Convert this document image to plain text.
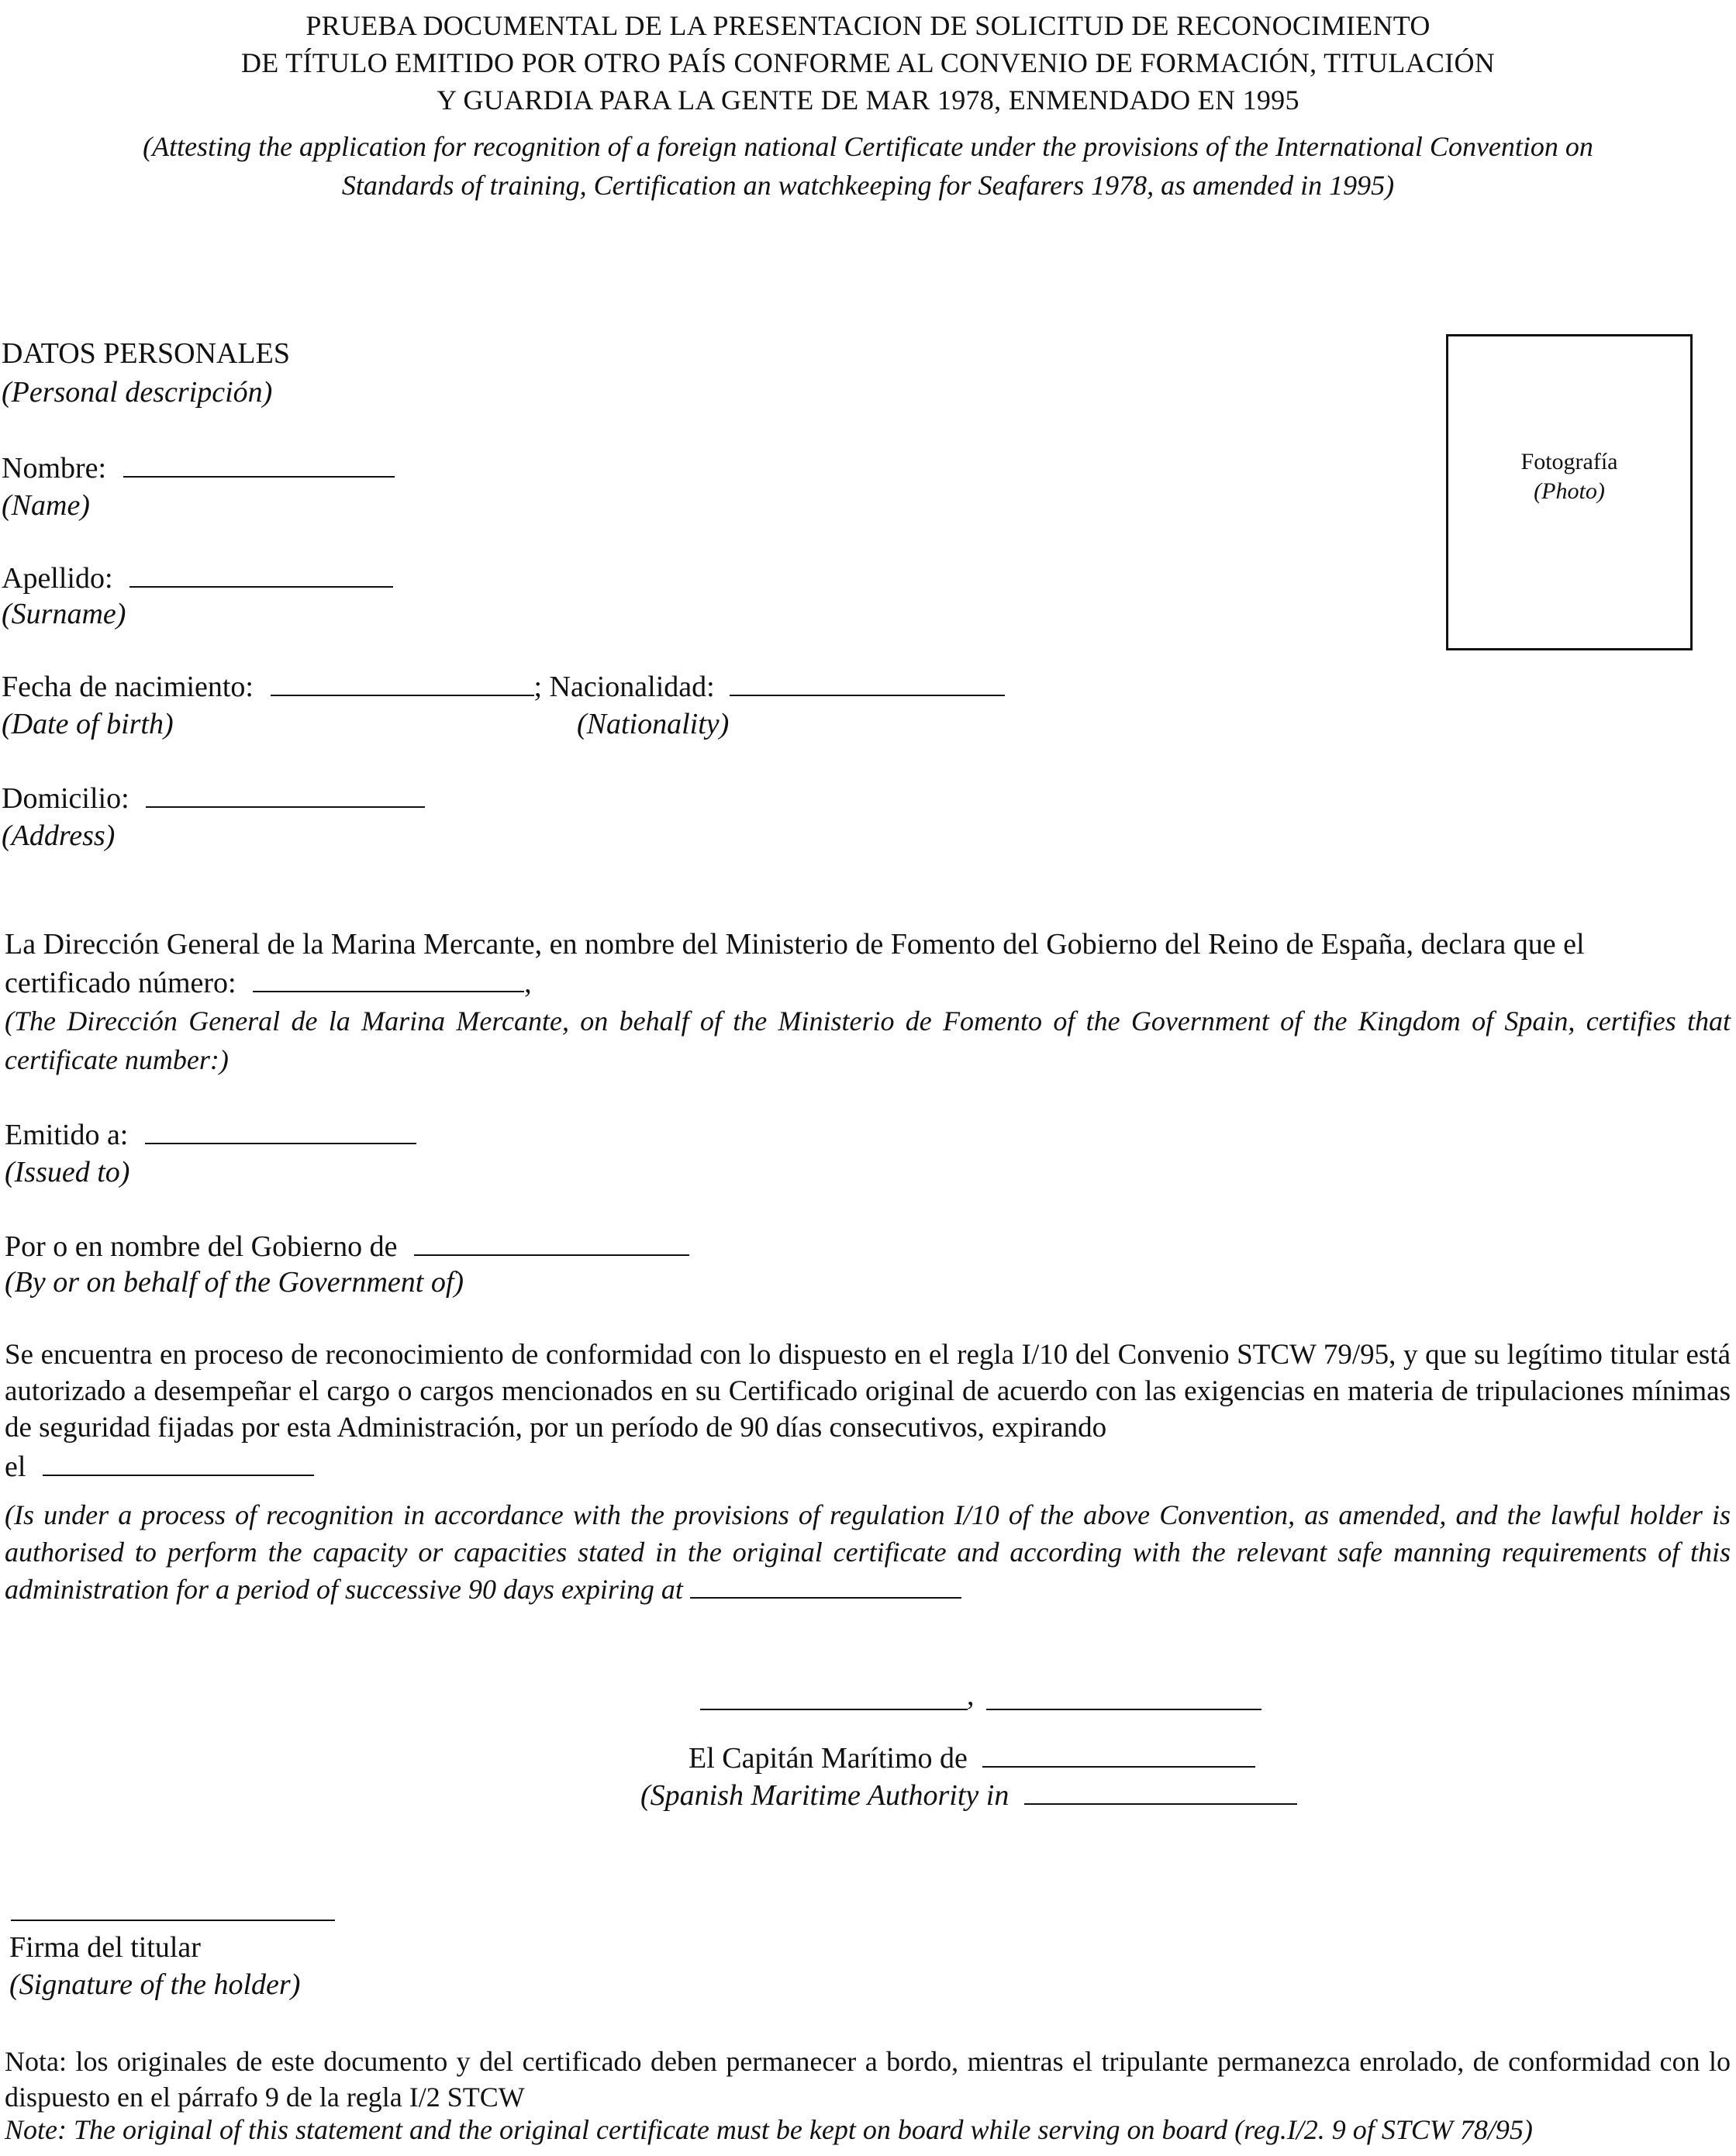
PRUEBA DOCUMENTAL DE LA PRESENTACION DE SOLICITUD DE RECONOCIMIENTO
DE TÍTULO EMITIDO POR OTRO PAÍS CONFORME AL CONVENIO DE FORMACIÓN, TITULACIÓN
Y GUARDIA PARA LA GENTE DE MAR 1978, ENMENDADO EN 1995
(Attesting the application for recognition of a foreign national Certificate under the provisions of the International Convention on
Standards of training, Certification an watchkeeping for Seafarers 1978, as amended in 1995)
DATOS PERSONALES
(Personal descripción)
Nombre:
(Name)
Apellido:
(Surname)
Fecha de nacimiento:	; Nacionalidad:
(Date of birth)	(Nationality)
Domicilio:
(Address)
Fotografía
(Photo)
La Dirección General de la Marina Mercante, en nombre del Ministerio de Fomento del Gobierno del Reino de España, declara que el
certificado número:	,
(The Dirección General de la Marina Mercante, on behalf of the Ministerio de Fomento of the Government of the Kingdom of Spain, certifies that certificate number:)
Emitido a:
(Issued to)
Por o en nombre del Gobierno de
(By or on behalf of the Government of)
Se encuentra en proceso de reconocimiento de conformidad con lo dispuesto en el regla I/10 del Convenio STCW 79/95, y que su legítimo titular está autorizado a desempeñar el cargo o cargos mencionados en su Certificado original de acuerdo con las exigencias en materia de tripulaciones mínimas de seguridad fijadas por esta Administración, por un período de 90 días consecutivos, expirando
el
(Is under a process of recognition in accordance with the provisions of regulation I/10 of the above Convention, as amended, and the lawful holder is authorised to perform the capacity or capacities stated in the original certificate and according with the relevant safe manning requirements of this administration for a period of successive 90 days expiring at
,
El Capitán Marítimo de
(Spanish Maritime Authority in
Firma del titular
(Signature of the holder)
Nota: los originales de este documento y del certificado deben permanecer a bordo, mientras el tripulante permanezca enrolado, de conformidad con lo dispuesto en el párrafo 9 de la regla I/2 STCW
Note: The original of this statement and the original certificate must be kept on board while serving on board (reg.I/2. 9 of STCW 78/95)
